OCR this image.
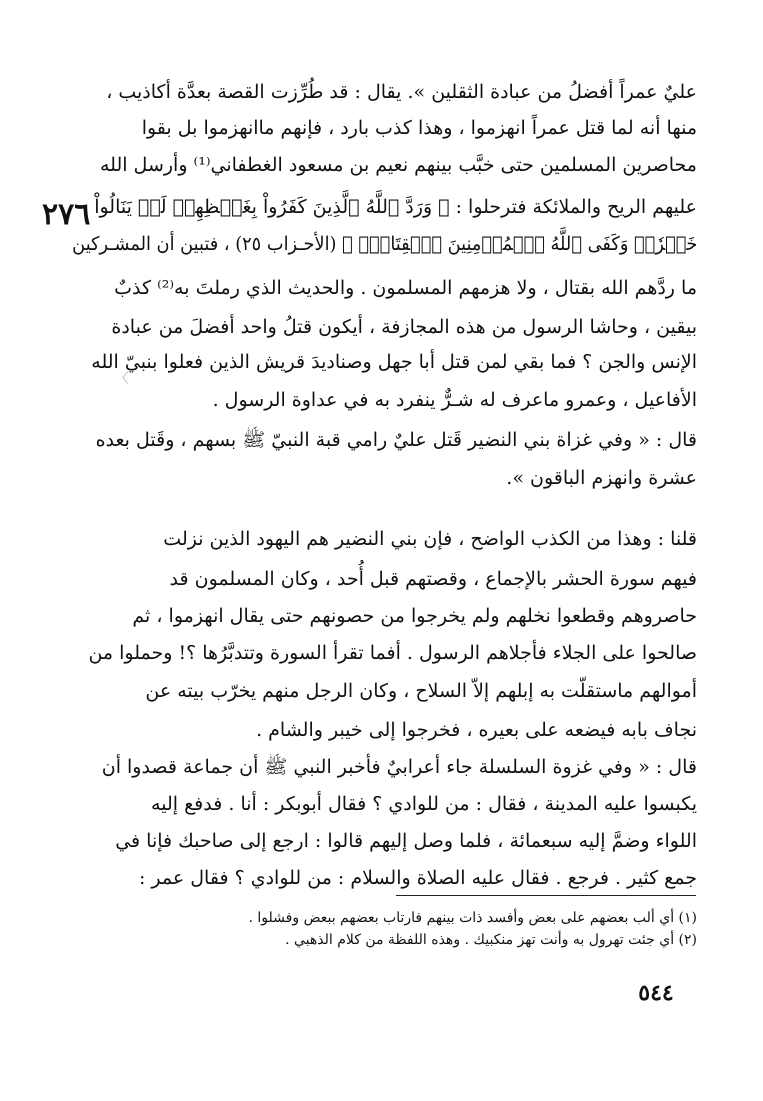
٢٧٦
〈
عليٌ عمراً أفضلُ من عبادة الثقلين ». يقال : قد طُرِّزت القصة بعدَّة أكاذيب ،
منها أنه لما قتل عمراً انهزموا ، وهذا كذب بارد ، فإنهم ماانهزموا بل بقوا
محاصرين المسلمين حتى خبَّب بينهم نعيم بن مسعود الغطفاني⁽¹⁾ وأرسل الله
عليهم الريح والملائكة فترحلوا : ﴿ وَرَدَّ ٱللَّهُ ٱلَّذِينَ كَفَرُواْ بِغَيۡظِهِمۡ لَمۡ يَنَالُواْ
خَيۡرٗاۚ وَكَفَى ٱللَّهُ ٱلۡمُؤۡمِنِينَ ٱلۡقِتَالَۚ ﴾ (الأحـزاب ٢٥) ، فتبين أن المشـركين
ما ردَّهم الله بقتال ، ولا هزمهم المسلمون . والحديث الذي رملتَ به⁽²⁾ كذبٌ
بيقين ، وحاشا الرسول من هذه المجازفة ، أيكون قتلُ واحد أفضلَ من عبادة
الإنس والجن ؟ فما بقي لمن قتل أبا جهل وصناديدَ قريش الذين فعلوا بنبيّ الله
الأفاعيل ، وعمرو ماعرف له شـرٌّ ينفرد به في عداوة الرسول .
قال : « وفي غزاة بني النضير قَتل عليٌ رامي قبة النبيّ ﷺ بسهم ، وقَتل بعده
عشرة وانهزم الباقون ».
قلنا : وهذا من الكذب الواضح ، فإن بني النضير هم اليهود الذين نزلت
فيهم سورة الحشر بالإجماع ، وقصتهم قبل أُحد ، وكان المسلمون قد
حاصروهم وقطعوا نخلهم ولم يخرجوا من حصونهم حتى يقال انهزموا ، ثم
صالحوا على الجلاء فأجلاهم الرسول . أفما تقرأ السورة وتتدبَّرُها ؟! وحملوا من
أموالهم ماستقلّت به إبلهم إلاّ السلاح ، وكان الرجل منهم يخرّب بيته عن
نجاف بابه فيضعه على بعيره ، فخرجوا إلى خيبر والشام .
قال : « وفي غزوة السلسلة جاء أعرابيٌ فأخبر النبي ﷺ أن جماعة قصدوا أن
يكبسوا عليه المدينة ، فقال : من للوادي ؟ فقال أبوبكر : أنا . فدفع إليه
اللواء وضمَّ إليه سبعمائة ، فلما وصل إليهم قالوا : ارجع إلى صاحبك فإنا في
جمع كثير . فرجع . فقال عليه الصلاة والسلام : من للوادي ؟ فقال عمر :
(١) أي ألب بعضهم على بعض وأفسد ذات بينهم فارتاب بعضهم ببعض وفشلوا .
(٢) أي جئت تهرول به وأنت تهز منكبيك . وهذه اللفظة من كلام الذهبي .
٥٤٤
